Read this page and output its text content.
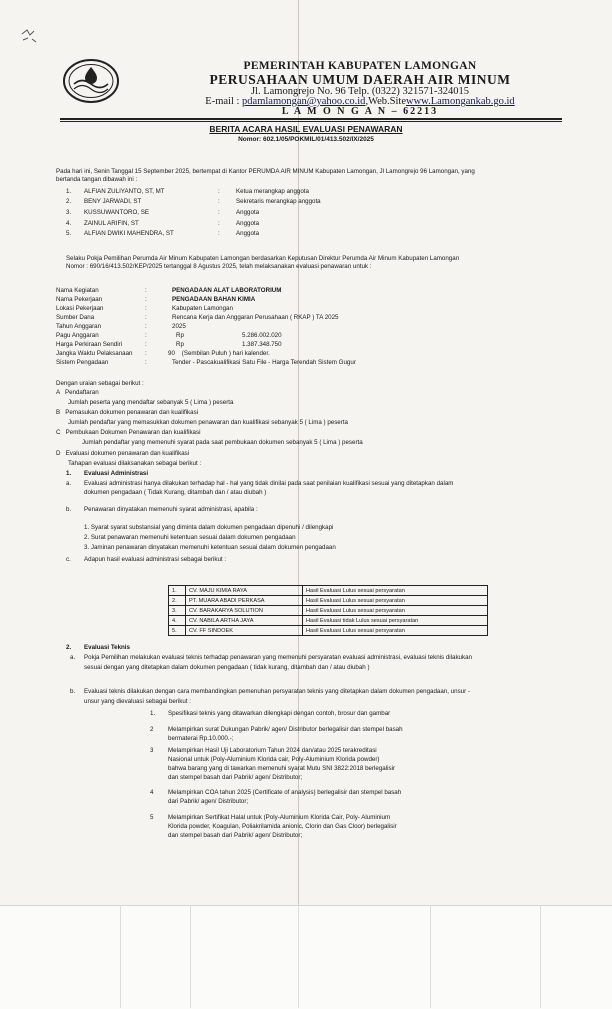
PEMERINTAH KABUPATEN LAMONGAN
PERUSAHAAN UMUM DAERAH AIR MINUM
Jl. Lamongrejo No. 96 Telp. (0322) 321571-324015
E-mail : pdamlamongan@yahoo.co.id,Web.Sitewww.Lamongankab.go.id
L A M O N G A N – 62213
BERITA ACARA HASIL EVALUASI PENAWARAN
Nomor: 602.1/05/POKMIL/01/413.502/IX/2025
Pada hari ini, Senin Tanggal 15 September 2025, bertempat di Kantor PERUMDA AIR MINUM Kabupaten Lamongan, Jl Lamongrejo 96 Lamongan, yang
bertanda tangan dibawah ini :
1. ALFIAN ZULIYANTO, ST, MT	:	Ketua merangkap anggota
2. BENY JARWADI, ST	:	Sekretaris merangkap anggota
3. KUSSUWANTORO, SE	:	Anggota
4. ZAINUL ARIFIN, ST	:	Anggota
5. ALFIAN DWIKI MAHENDRA, ST	:	Anggota
Selaku Pokja Pemilihan Perumda Air Minum Kabupaten Lamongan berdasarkan Keputusan Direktur Perumda Air Minum Kabupaten Lamongan
Nomor : 690/16/413.502/KEP/2025 tertanggal 8 Agustus 2025, telah melaksanakan evaluasi penawaran untuk :
Nama Kegiatan	:	PENGADAAN ALAT LABORATORIUM
Nama Pekerjaan	:	PENGADAAN BAHAN KIMIA
Lokasi Pekerjaan	:	Kabupaten Lamongan
Sumber Dana	:	Rencana Kerja dan Anggaran Perusahaan ( RKAP ) TA 2025
Tahun Anggaran	:	2025
Pagu Anggaran	:	Rp	5.286.002.020
Harga Perkiraan Sendiri	:	Rp	1.387.348.750
Jangka Waktu Pelaksanaan :	90    (Sembilan Puluh ) hari kalender.
Sistem Pengadaan	:	Tender - Pascakualifikasi Satu File - Harga Terendah Sistem Gugur
Dengan uraian sebagai berikut :
A   Pendaftaran
Jumlah peserta yang mendaftar sebanyak 5 ( Lima ) peserta
B   Pemasukan dokumen penawaran dan kualifikasi
Jumlah pendaftar yang memasukkan dokumen penawaran dan kualifikasi sebanyak 5 ( Lima ) peserta
C   Pembukaan Dokumen Penawaran dan kualifikasi
Jumlah pendaftar yang memenuhi syarat pada saat pembukaan dokumen sebanyak 5 ( Lima ) peserta
D   Evaluasi dokumen penawaran dan kualifikasi
Tahapan evaluasi dilaksanakan sebagai berikut :
1. Evaluasi Administrasi
a. Evaluasi administrasi hanya dilakukan terhadap hal - hal yang tidak dinilai pada saat penilaian kualifikasi sesuai yang ditetapkan dalam
dokumen pengadaan ( Tidak Kurang, ditambah dan / atau diubah )
b. Penawaran dinyatakan memenuhi syarat administrasi, apabila :
1. Syarat syarat substansial yang diminta dalam dokumen pengadaan dipenuhi / dilengkapi
2. Surat penawaran memenuhi ketentuan sesuai dalam dokumen pengadaan
3. Jaminan penawaran dinyatakan memenuhi ketentuan sesuai dalam dokumen pengadaan
c. Adapun hasil evaluasi administrasi sebagai berikut :
1.	CV. MAJU KIMIA RAYA	Hasil Evaluasi Lulus sesuai persyaratan
2.	PT. MUARA ABADI PERKASA	Hasil Evaluasi Lulus sesuai persyaratan
3.	CV. BARAKARYA SOLUTION	Hasil Evaluasi Lulus sesuai persyaratan
4.	CV. NABILA ARTHA JAYA	Hasil Evaluasi tidak Lulus sesuai persyaratan
5.	CV. FF SINDOEK	Hasil Evaluasi Lulus sesuai persyaratan
2. Evaluasi Teknis
a. Pokja Pemilihan melakukan evaluasi teknis terhadap penawaran yang memenuhi persyaratan evaluasi administrasi, evaluasi teknis dilakukan
sesuai dengan yang ditetapkan dalam dokumen pengadaan ( tidak kurang, ditambah dan / atau diubah )
b. Evaluasi teknis dilakukan dengan cara membandingkan pemenuhan persyaratan teknis yang ditetapkan dalam dokumen pengadaan, unsur -
unsur yang dievaluasi sebagai berikut :
1. Spesifikasi teknis yang ditawarkan dilengkapi dengan contoh, brosur dan gambar
2 Melampirkan surat Dukungan Pabrik/ agen/ Distributor berlegalisir dan stempel basah
bermaterai Rp.10.000.-;
3 Melampirkan Hasil Uji Laboratorium Tahun 2024 dan/atau 2025 terakreditasi
Nasional untuk (Poly-Aluminium Klorida cair, Poly-Aluminium Klorida powder)
bahwa barang yang di tawarkan memenuhi syarat Mutu SNI 3822:2018 berlegalisir
dan stempel basah dari Pabrik/ agen/ Distributor;
4 Melampirkan COA tahun 2025 (Certificate of analysis) berlegalisir dan stempel basah
dari Pabrik/ agen/ Distributor;
5 Melampirkan Sertifikat Halal untuk (Poly-Aluminium Klorida Cair, Poly- Aluminium
Klorida powder, Koagulan, Poliakrilamida anionic, Clorin dan Gas Cloor) berlegalisir
dan stempel basah dari Pabrik/ agen/ Distributor;
